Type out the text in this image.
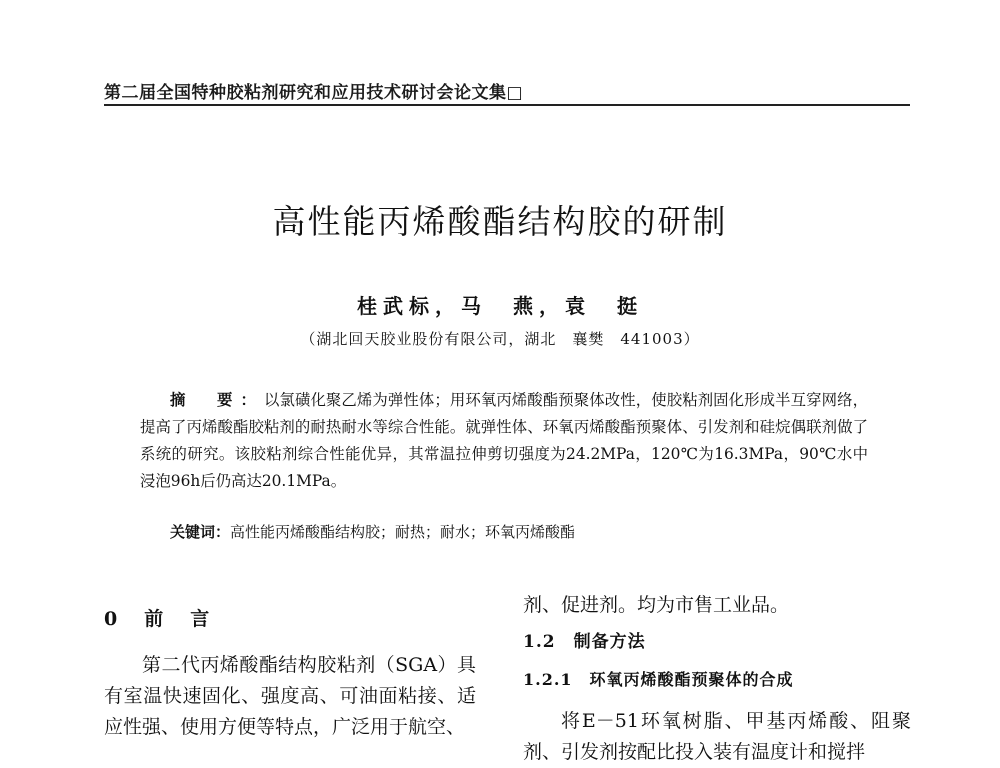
第二届全国特种胶粘剂研究和应用技术研讨会论文集□
高性能丙烯酸酯结构胶的研制
桂武标，马　燕，袁　挺
（湖北回天胶业股份有限公司，湖北　襄樊　441003）

摘　要：以氯磺化聚乙烯为弹性体；用环氧丙烯酸酯预聚体改性，使胶粘剂固化形成半互穿网络，提高了丙烯酸酯胶粘剂的耐热耐水等综合性能。就弹性体、环氧丙烯酸酯预聚体、引发剂和硅烷偶联剂做了系统的研究。该胶粘剂综合性能优异，其常温拉伸剪切强度为24.2MPa，120℃为16.3MPa，90℃水中浸泡96h后仍高达20.1MPa。

关键词：高性能丙烯酸酯结构胶；耐热；耐水；环氧丙烯酸酯

0　前　言

第二代丙烯酸酯结构胶粘剂（SGA）具有室温快速固化、强度高、可油面粘接、适应性强、使用方便等特点，广泛用于航空、

剂、促进剂。均为市售工业品。
1.2　制备方法
1.2.1　环氧丙烯酸酯预聚体的合成

将E－51环氧树脂、甲基丙烯酸、阻聚剂、引发剂按配比投入装有温度计和搅拌
